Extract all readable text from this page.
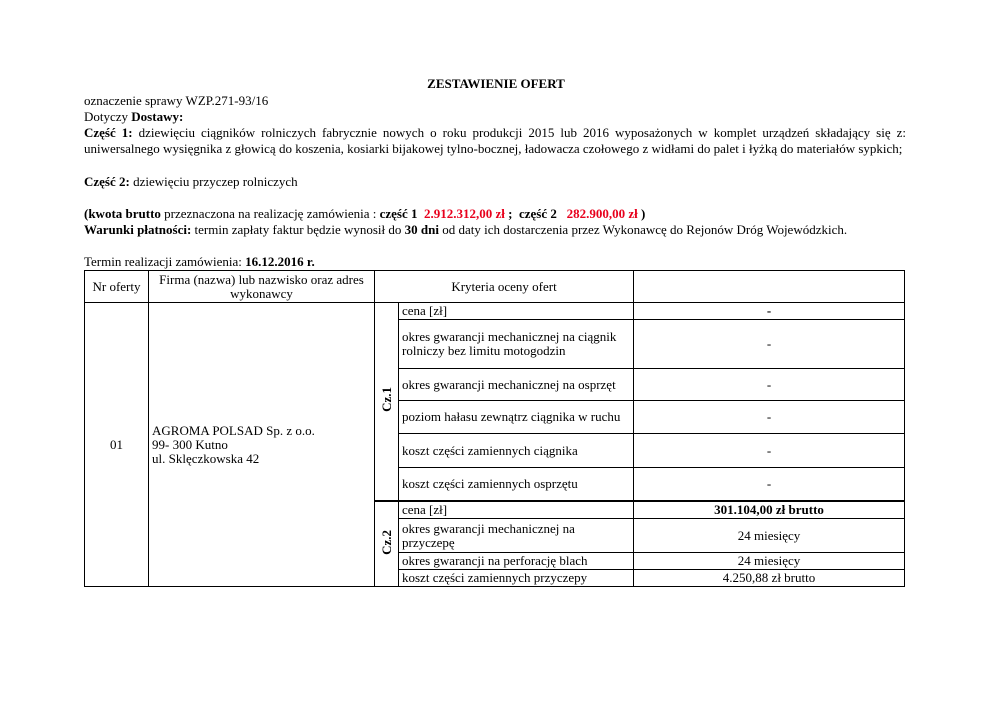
ZESTAWIENIE OFERT
oznaczenie sprawy WZP.271-93/16
Dotyczy Dostawy:
Część 1: dziewięciu ciągników rolniczych fabrycznie nowych o roku produkcji 2015 lub 2016 wyposażonych w komplet urządzeń składający się z: uniwersalnego wysięgnika z głowicą do koszenia, kosiarki bijakowej tylno-bocznej, ładowacza czołowego z widłami do palet i łyżką do materiałów sypkich;
Część 2: dziewięciu przyczep rolniczych
(kwota brutto przeznaczona na realizację zamówienia : część 1 2.912.312,00 zł ;  część 2 282.900,00 zł )
Warunki płatności: termin zapłaty faktur będzie wynosił do 30 dni od daty ich dostarczenia przez Wykonawcę do Rejonów Dróg Wojewódzkich.
Termin realizacji zamówienia: 16.12.2016 r.
Nr oferty	Firma (nazwa) lub nazwisko oraz adres wykonawcy	Kryteria oceny ofert		
01	AGROMA POLSAD Sp. z o.o.
99- 300 Kutno
ul. Sklęczkowska 42	Cz.1	cena [zł]	-
			okres gwarancji mechanicznej na ciągnik rolniczy bez limitu motogodzin	-
			okres gwarancji mechanicznej na osprzęt	-
			poziom hałasu zewnątrz ciągnika w ruchu	-
			koszt części zamiennych ciągnika	-
			koszt części zamiennych osprzętu	-
		Cz.2	cena [zł]	301.104,00 zł brutto
			okres gwarancji mechanicznej na przyczepę	24 miesięcy
			okres gwarancji na perforację blach	24 miesięcy
			koszt części zamiennych przyczepy	4.250,88 zł brutto
